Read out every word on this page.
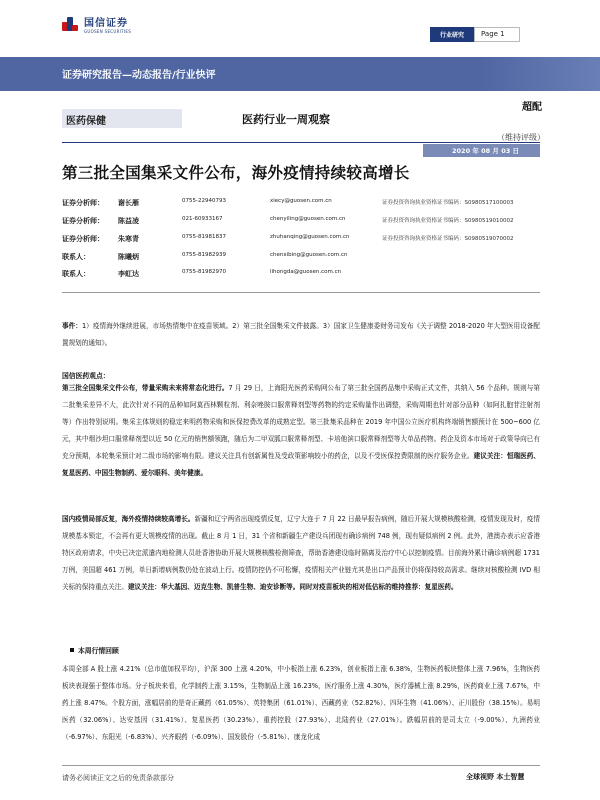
国信证券
GUOSEN SECURITIES
行业研究	Page 1
证券研究报告—动态报告/行业快评
医药保健	医药行业一周观察
超配
（维持评级）
2020 年 08 月 03 日
第三批全国集采文件公布，海外疫情持续较高增长
证券分析师： 谢长雁	0755-22940793	xiecy@guosen.com.cn	证券投资咨询执业资格证书编码：S0980517100003
证券分析师： 陈益凌	021-60933167	chenyiling@guosen.com.cn	证券投资咨询执业资格证书编码：S0980519010002
证券分析师： 朱寒青	0755-81981837	zhuhanqing@guosen.com.cn	证券投资咨询执业资格证书编码：S0980519070002
联系人：	陈曦炳	0755-81982939	chenxibing@guosen.com.cn
联系人：	李虹达	0755-81982970	lihongda@guosen.com.cn
事件：1）疫情海外继续进展，市场热情集中在疫苗领域。2）第三批全国集采文件披露。3）国家卫生健康委财务司发布《关于调整 2018-2020 年大型医用设备配置规划的通知》。
国信医药观点：
第三批全国集采文件公布，带量采购未来将常态化进行。7 月 29 日，上海阳光医药采购网公布了第三批全国药品集中采购正式文件，共纳入 56 个品种。规则与第二批集采差异不大，此次针对不同的品种如阿莫西林颗粒剂、利奈唑胺口服常释剂型等药物的约定采购量作出调整，采购周期也针对部分品种（如阿扎胞苷注射剂等）作出特别说明。集采主体规则的稳定来明药物采购和医保控费改革的成熟定型。第三批集采品种在 2019 年中国公立医疗机构终端销售额预计在 500~600 亿元，其中烟沙坦口服常释剂型以近 50 亿元的销售额领跑，随后为二甲双胍口服常释剂型、卡培他滨口服常释剂型等大单品药物。药企及资本市场对于政策导向已有充分预期，本轮集采预计对二级市场的影响有限。建议关注具有创新属性及受政策影响较小的药企，以及不受医保控费限制的医疗服务企业。建议关注：恒瑞医药、复星医药、中国生物制药、爱尔眼科、美年健康。
国内疫情局部反复，海外疫情持续较高增长。新疆和辽宁两省出现疫情反复，辽宁大连于 7 月 22 日最早报告病例，随后开展大规模核酸检测，疫情发现及时，疫情规模基本锁定，不会再有更大规模疫情的出现。截止 8 月 1 日，31 个省和新疆生产建设兵团现有确诊病例 748 例，现有疑似病例 2 例。此外，港澳办表示应香港特区政府请求，中央已决定派遣内地检测人员赴香港协助开展大规模核酸检测筛查，帮助香港建设临时隔离及治疗中心以控制疫情。目前海外累计确诊病例超 1731 万例，美国超 461 万例，单日新增病例数仍处在波动上行。疫情防控仍不可松懈，疫情相关产业链尤其是出口产品预计仍将保持较高需求。继续对核酸检测 IVD 相关标的保持重点关注。建议关注：华大基因、迈克生物、凯普生物、迪安诊断等。同时对疫苗板块的相对低估标的维持推荐：复星医药。
本周行情回顾
本周全部 A 股上涨 4.21%（总市值加权平均），沪深 300 上涨 4.20%，中小板指上涨 6.23%，创业板指上涨 6.38%，生物医药板块整体上涨 7.96%，生物医药板块表现强于整体市场。分子板块来看，化学制药上涨 3.15%，生物制品上涨 16.23%，医疗服务上涨 4.30%，医疗器械上涨 8.29%，医药商业上涨 7.67%，中药上涨 8.47%。个股方面，涨幅居前的是奇正藏药（61.05%）、英特集团（61.01%）、西藏药业（52.82%）、四环生物（41.06%）、正川股份（38.15%）。易明医药（32.06%）、达安基因（31.41%）、复星医药（30.23%）、重药控股（27.93%）、北陆药业（27.01%）。跌幅居前的是司太立（-9.00%）、九洲药业（-6.97%）、东阳光（-6.83%）、兴齐眼药（-6.09%）、国发股份（-5.81%）、康龙化成
请务必阅读正文之后的免责条款部分	全球视野 本土智慧
